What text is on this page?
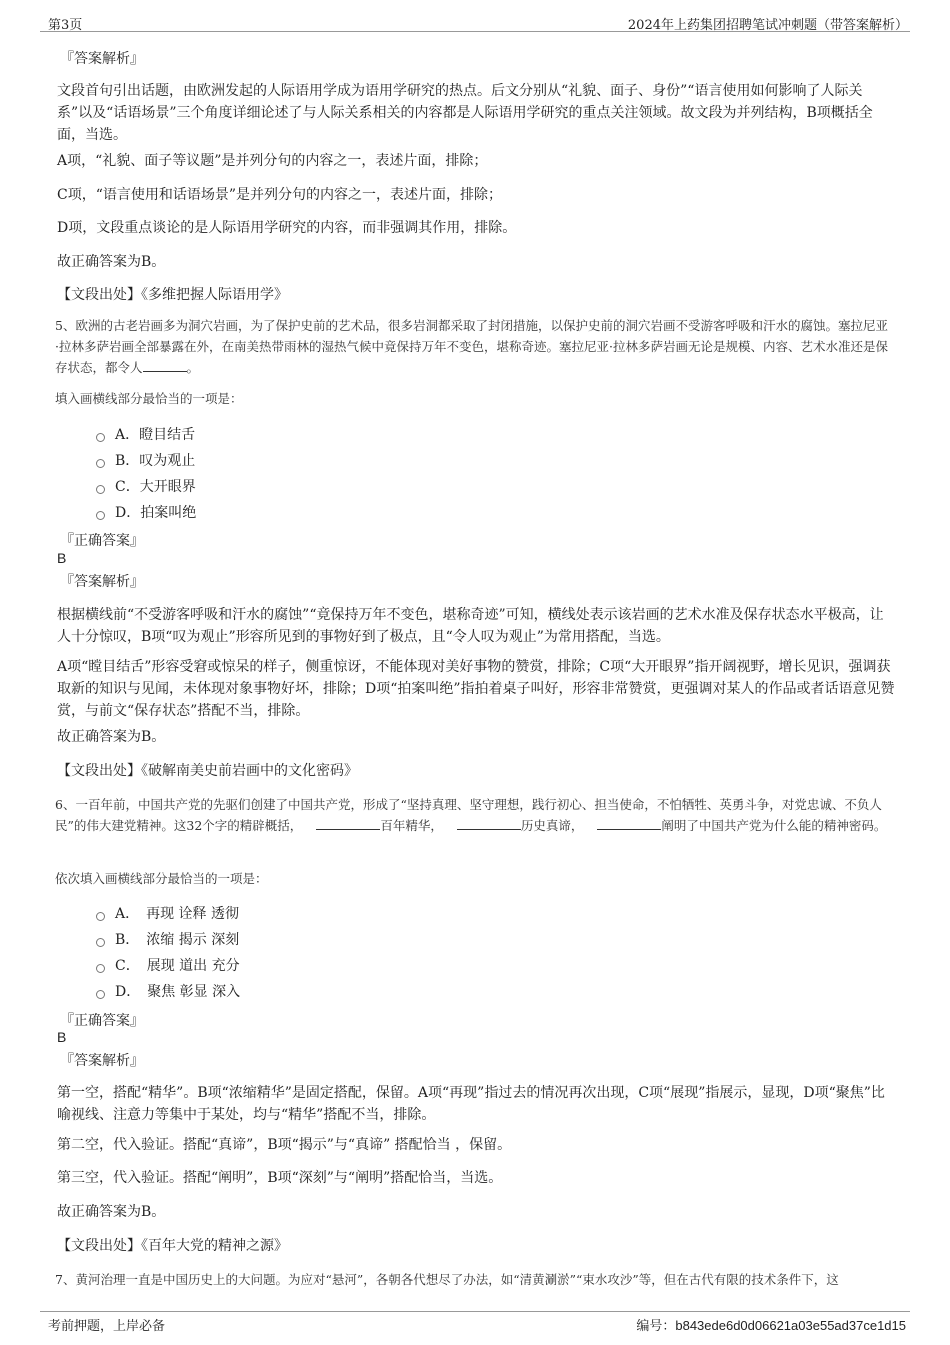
第3页	2024年上药集团招聘笔试冲刺题（带答案解析）
『答案解析』
文段首句引出话题，由欧洲发起的人际语用学成为语用学研究的热点。后文分别从“礼貌、面子、身份”“语言使用如何影响了人际关系”以及“话语场景”三个角度详细论述了与人际关系相关的内容都是人际语用学研究的重点关注领域。故文段为并列结构，B项概括全面，当选。
A项，“礼貌、面子等议题”是并列分句的内容之一，表述片面，排除；
C项，“语言使用和话语场景”是并列分句的内容之一，表述片面，排除；
D项，文段重点谈论的是人际语用学研究的内容，而非强调其作用，排除。
故正确答案为B。
【文段出处】《多维把握人际语用学》
5、欧洲的古老岩画多为洞穴岩画，为了保护史前的艺术品，很多岩洞都采取了封闭措施，以保护史前的洞穴岩画不受游客呼吸和汗水的腐蚀。塞拉尼亚·拉林多萨岩画全部暴露在外，在南美热带雨林的湿热气候中竟保持万年不变色，堪称奇迹。塞拉尼亚·拉林多萨岩画无论是规模、内容、艺术水准还是保存状态，都令人	。
填入画横线部分最恰当的一项是：
A．瞪目结舌
B．叹为观止
C．大开眼界
D．拍案叫绝
『正确答案』
B
『答案解析』
根据横线前“不受游客呼吸和汗水的腐蚀”“竟保持万年不变色，堪称奇迹”可知，横线处表示该岩画的艺术水准及保存状态水平极高，让人十分惊叹，B项“叹为观止”形容所见到的事物好到了极点，且“令人叹为观止”为常用搭配，当选。
A项“瞠目结舌”形容受窘或惊呆的样子，侧重惊讶，不能体现对美好事物的赞赏，排除；C项“大开眼界”指开阔视野，增长见识，强调获取新的知识与见闻，未体现对象事物好坏，排除；D项“拍案叫绝”指拍着桌子叫好，形容非常赞赏，更强调对某人的作品或者话语意见赞赏，与前文“保存状态”搭配不当，排除。
故正确答案为B。
【文段出处】《破解南美史前岩画中的文化密码》
6、一百年前，中国共产党的先驱们创建了中国共产党，形成了“坚持真理、坚守理想，践行初心、担当使命，不怕牺牲、英勇斗争，对党忠诚、不负人民”的伟大建党精神。这32个字的精辟概括，	百年精华，	历史真谛，	阐明了中国共产党为什么能的精神密码。
依次填入画横线部分最恰当的一项是：
A．　再现 诠释 透彻
B．　浓缩 揭示 深刻
C．　展现 道出 充分
D．　聚焦 彰显 深入
『正确答案』
B
『答案解析』
第一空，搭配“精华”。B项“浓缩精华”是固定搭配，保留。A项“再现”指过去的情况再次出现，C项“展现”指展示，显现，D项“聚焦”比喻视线、注意力等集中于某处，均与“精华”搭配不当，排除。
第二空，代入验证。搭配“真谛”，B项“揭示”与“真谛” 搭配恰当 ，保留。
第三空，代入验证。搭配“阐明”，B项“深刻”与“阐明”搭配恰当，当选。
故正确答案为B。
【文段出处】《百年大党的精神之源》
7、黄河治理一直是中国历史上的大问题。为应对“悬河”，各朝各代想尽了办法，如“清黄涮淤”“束水攻沙”等，但在古代有限的技术条件下，这
考前押题，上岸必备	编号：b843ede6d0d06621a03e55ad37ce1d15
